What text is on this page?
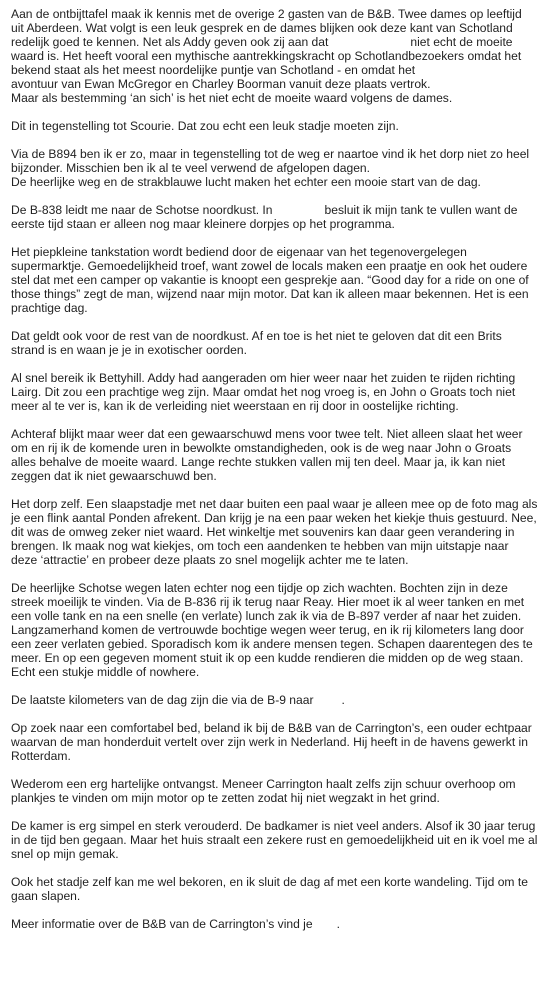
Aan de ontbijttafel maak ik kennis met de overige 2 gasten van de B&B. Twee dames op leeftijd
uit Aberdeen. Wat volgt is een leuk gesprek en de dames blijken ook deze kant van Schotland
redelijk goed te kennen. Net als Addy geven ook zij aan dat	niet echt de moeite
waard is. Het heeft vooral een mythische aantrekkingskracht op Schotlandbezoekers omdat het
bekend staat als het meest noordelijke puntje van Schotland - en omdat het
avontuur van Ewan McGregor en Charley Boorman vanuit deze plaats vertrok.
Maar als bestemming ‘an sich’ is het niet echt de moeite waard volgens de dames.

Dit in tegenstelling tot Scourie. Dat zou echt een leuk stadje moeten zijn.

Via de B894 ben ik er zo, maar in tegenstelling tot de weg er naartoe vind ik het dorp niet zo heel
bijzonder. Misschien ben ik al te veel verwend de afgelopen dagen.
De heerlijke weg en de strakblauwe lucht maken het echter een mooie start van de dag.

De B-838 leidt me naar de Schotse noordkust. In	besluit ik mijn tank te vullen want de
eerste tijd staan er alleen nog maar kleinere dorpjes op het programma.

Het piepkleine tankstation wordt bediend door de eigenaar van het tegenovergelegen
supermarktje. Gemoedelijkheid troef, want zowel de locals maken een praatje en ook het oudere
stel dat met een camper op vakantie is knoopt een gesprekje aan. “Good day for a ride on one of
those things” zegt de man, wijzend naar mijn motor. Dat kan ik alleen maar bekennen. Het is een
prachtige dag.

Dat geldt ook voor de rest van de noordkust. Af en toe is het niet te geloven dat dit een Brits
strand is en waan je je in exotischer oorden.

Al snel bereik ik Bettyhill. Addy had aangeraden om hier weer naar het zuiden te rijden richting
Lairg. Dit zou een prachtige weg zijn. Maar omdat het nog vroeg is, en John o Groats toch niet
meer al te ver is, kan ik de verleiding niet weerstaan en rij door in oostelijke richting.

Achteraf blijkt maar weer dat een gewaarschuwd mens voor twee telt. Niet alleen slaat het weer
om en rij ik de komende uren in bewolkte omstandigheden, ook is de weg naar John o Groats
alles behalve de moeite waard. Lange rechte stukken vallen mij ten deel. Maar ja, ik kan niet
zeggen dat ik niet gewaarschuwd ben.

Het dorp zelf. Een slaapstadje met net daar buiten een paal waar je alleen mee op de foto mag als
je een flink aantal Ponden afrekent. Dan krijg je na een paar weken het kiekje thuis gestuurd. Nee,
dit was de omweg zeker niet waard. Het winkeltje met souvenirs kan daar geen verandering in
brengen. Ik maak nog wat kiekjes, om toch een aandenken te hebben van mijn uitstapje naar
deze ‘attractie’ en probeer deze plaats zo snel mogelijk achter me te laten.

De heerlijke Schotse wegen laten echter nog een tijdje op zich wachten. Bochten zijn in deze
streek moeilijk te vinden. Via de B-836 rij ik terug naar Reay. Hier moet ik al weer tanken en met
een volle tank en na een snelle (en verlate) lunch zak ik via de B-897 verder af naar het zuiden.
Langzamerhand komen de vertrouwde bochtige wegen weer terug, en ik rij kilometers lang door
een zeer verlaten gebied. Sporadisch kom ik andere mensen tegen. Schapen daarentegen des te
meer. En op een gegeven moment stuit ik op een kudde rendieren die midden op de weg staan.
Echt een stukje middle of nowhere.

De laatste kilometers van de dag zijn die via de B-9 naar .

Op zoek naar een comfortabel bed, beland ik bij de B&B van de Carrington’s, een ouder echtpaar
waarvan de man honderduit vertelt over zijn werk in Nederland. Hij heeft in de havens gewerkt in
Rotterdam.

Wederom een erg hartelijke ontvangst. Meneer Carrington haalt zelfs zijn schuur overhoop om
plankjes te vinden om mijn motor op te zetten zodat hij niet wegzakt in het grind.

De kamer is erg simpel en sterk verouderd. De badkamer is niet veel anders. Alsof ik 30 jaar terug
in de tijd ben gegaan. Maar het huis straalt een zekere rust en gemoedelijkheid uit en ik voel me al
snel op mijn gemak.

Ook het stadje zelf kan me wel bekoren, en ik sluit de dag af met een korte wandeling. Tijd om te
gaan slapen.

Meer informatie over de B&B van de Carrington’s vind je .
